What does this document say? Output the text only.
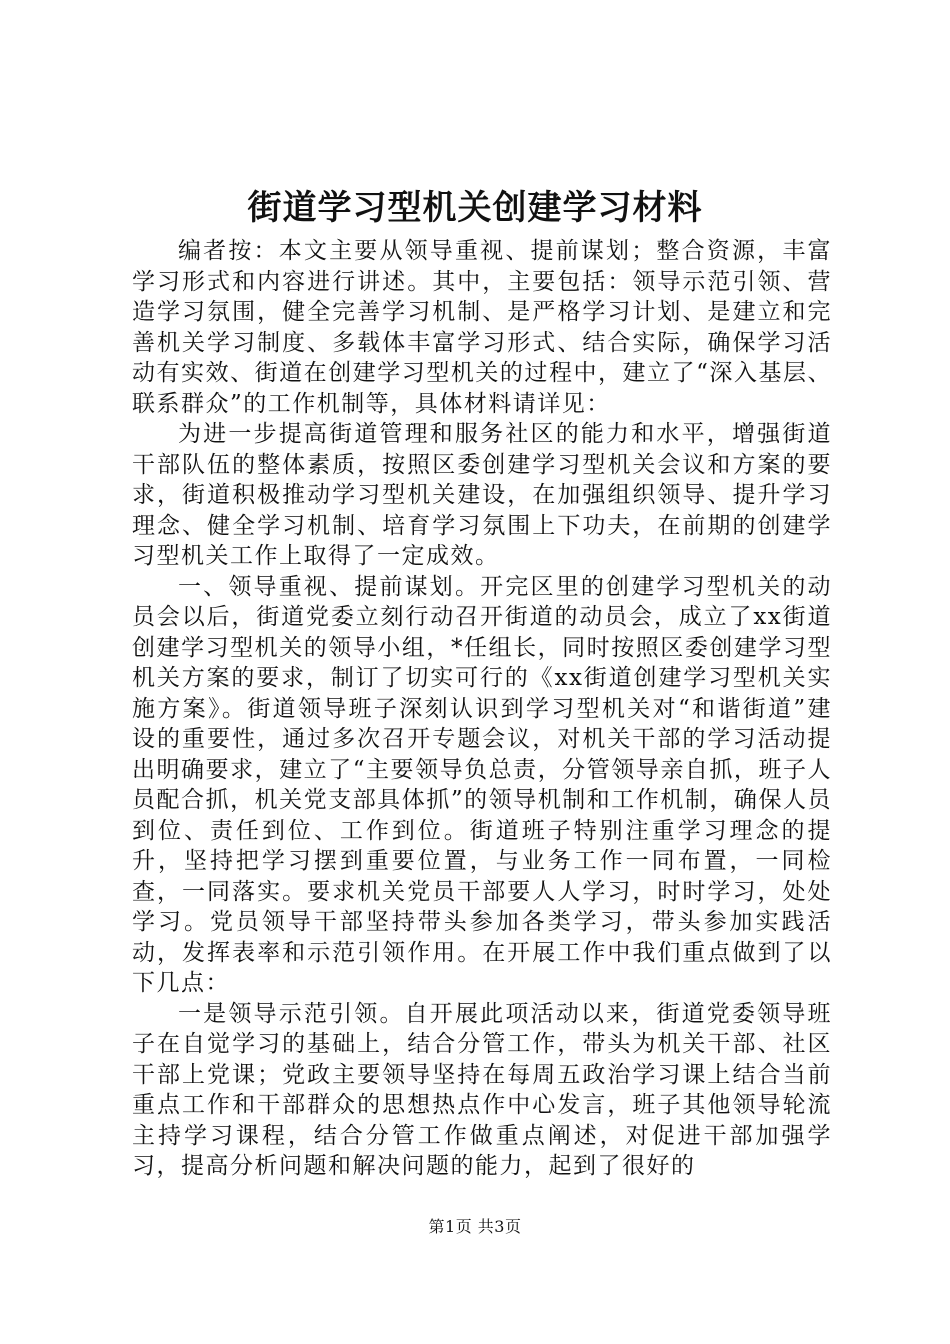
街道学习型机关创建学习材料

编者按：本文主要从领导重视、提前谋划；整合资源，丰富学习形式和内容进行讲述。其中，主要包括：领导示范引领、营造学习氛围，健全完善学习机制、是严格学习计划、是建立和完善机关学习制度、多载体丰富学习形式、结合实际，确保学习活动有实效、街道在创建学习型机关的过程中，建立了“深入基层、联系群众”的工作机制等，具体材料请详见：

为进一步提高街道管理和服务社区的能力和水平，增强街道干部队伍的整体素质，按照区委创建学习型机关会议和方案的要求，街道积极推动学习型机关建设，在加强组织领导、提升学习理念、健全学习机制、培育学习氛围上下功夫，在前期的创建学习型机关工作上取得了一定成效。

一、领导重视、提前谋划。开完区里的创建学习型机关的动员会以后，街道党委立刻行动召开街道的动员会，成立了xx街道创建学习型机关的领导小组，*任组长，同时按照区委创建学习型机关方案的要求，制订了切实可行的《xx街道创建学习型机关实施方案》。街道领导班子深刻认识到学习型机关对“和谐街道”建设的重要性，通过多次召开专题会议，对机关干部的学习活动提出明确要求，建立了“主要领导负总责，分管领导亲自抓，班子人员配合抓，机关党支部具体抓”的领导机制和工作机制，确保人员到位、责任到位、工作到位。街道班子特别注重学习理念的提升，坚持把学习摆到重要位置，与业务工作一同布置，一同检查，一同落实。要求机关党员干部要人人学习，时时学习，处处学习。党员领导干部坚持带头参加各类学习，带头参加实践活动，发挥表率和示范引领作用。在开展工作中我们重点做到了以下几点：

一是领导示范引领。自开展此项活动以来，街道党委领导班子在自觉学习的基础上，结合分管工作，带头为机关干部、社区干部上党课；党政主要领导坚持在每周五政治学习课上结合当前重点工作和干部群众的思想热点作中心发言，班子其他领导轮流主持学习课程，结合分管工作做重点阐述，对促进干部加强学习，提高分析问题和解决问题的能力，起到了很好的

第1页 共3页
